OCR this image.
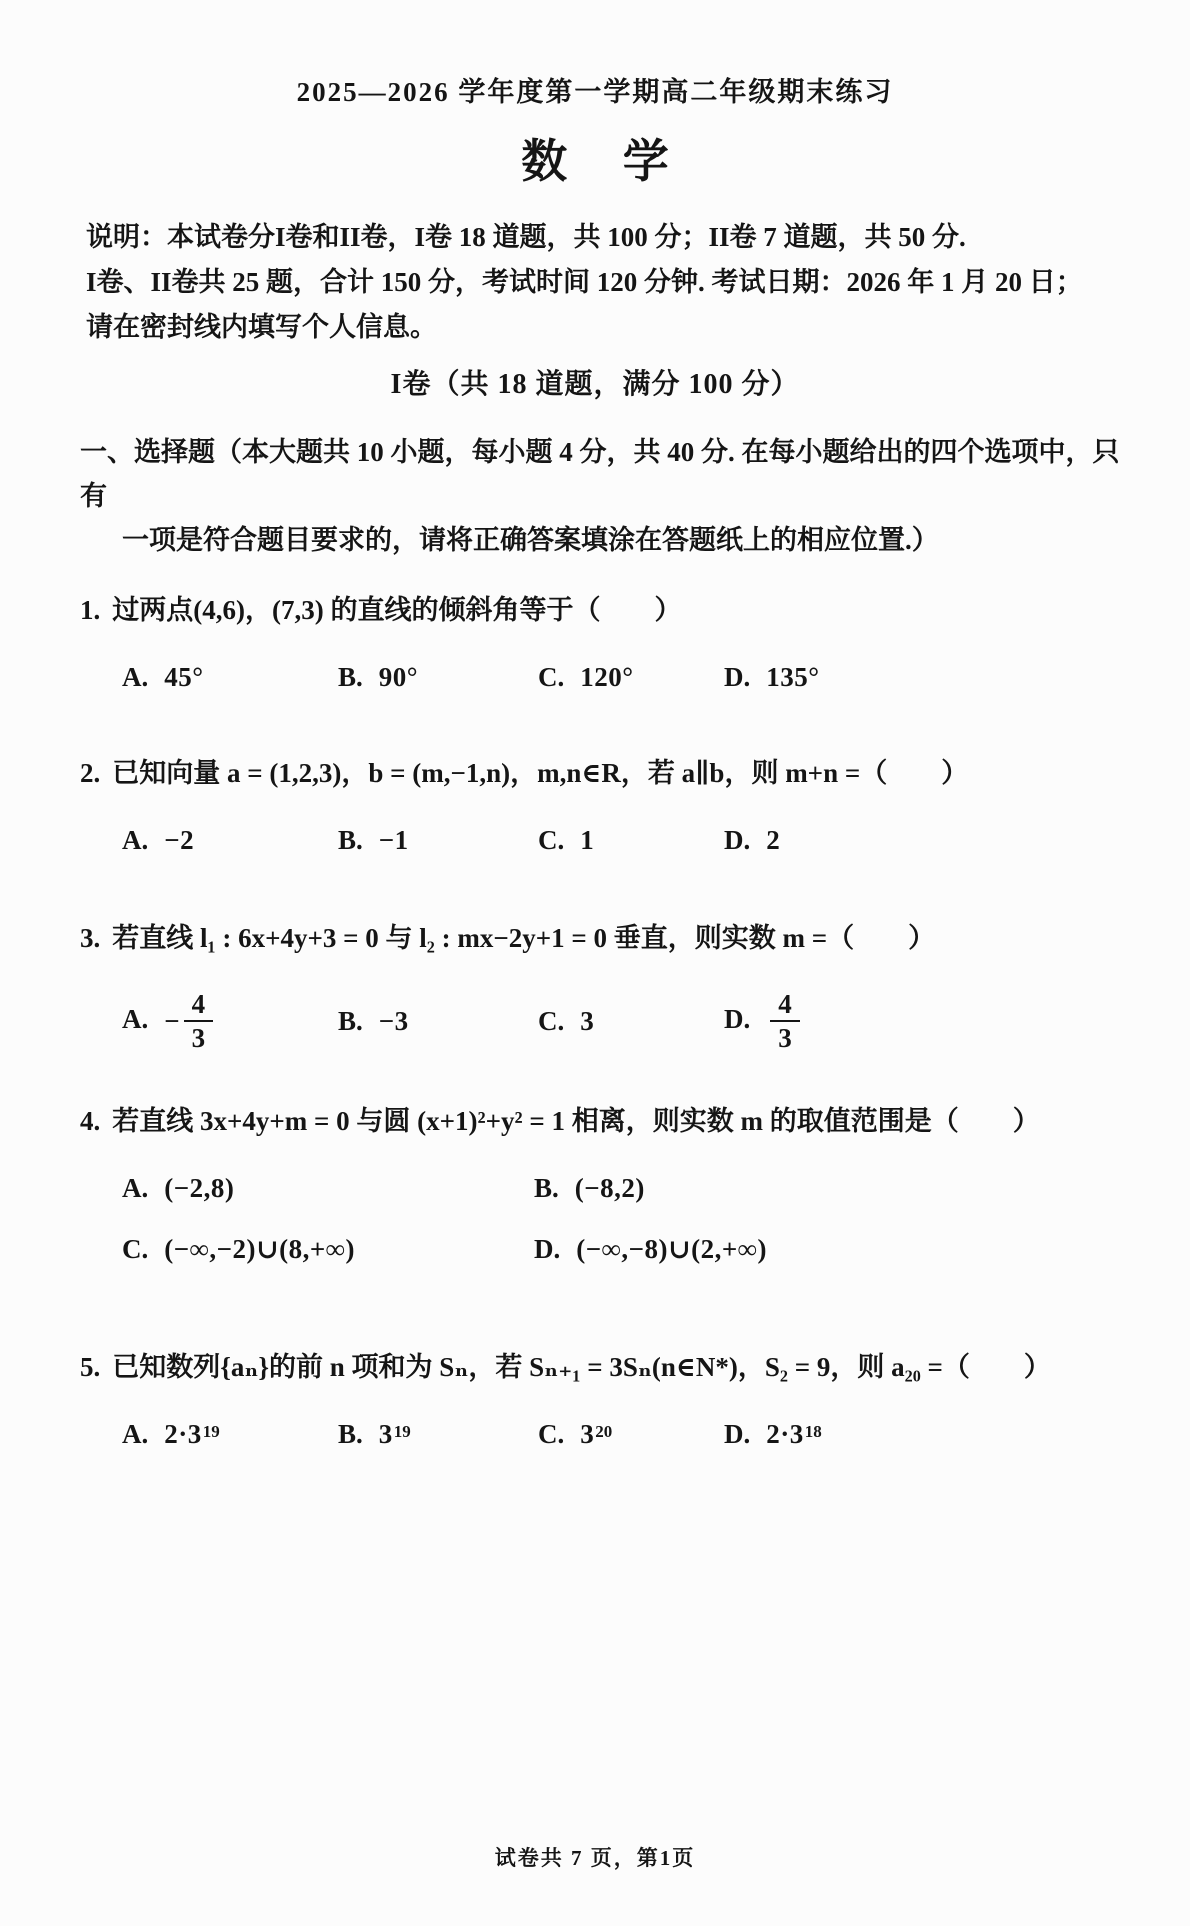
2025—2026 学年度第一学期高二年级期末练习
数 学

说明：本试卷分I卷和II卷，I卷 18 道题，共 100 分；II卷 7 道题，共 50 分.

I卷、II卷共 25 题，合计 150 分，考试时间 120 分钟. 考试日期：2026 年 1 月 20 日；

请在密封线内填写个人信息。

I卷（共 18 道题，满分 100 分）

一、选择题（本大题共 10 小题，每小题 4 分，共 40 分. 在每小题给出的四个选项中，只有

一项是符合题目要求的，请将正确答案填涂在答题纸上的相应位置.）

1. 过两点(4,6)，(7,3) 的直线的倾斜角等于（　　）

A. 45°	B. 90°	C. 120°	D. 135°

2. 已知向量 a = (1,2,3)，b = (m,−1,n)，m,n∈R，若 a∥b，则 m+n =（　　）

A. −2	B. −1	C. 1	D. 2

3. 若直线 l₁ : 6x+4y+3 = 0 与 l₂ : mx−2y+1 = 0 垂直，则实数 m =（　　）

A. − $\frac{4}{3}$	B. −3	C. 3	D. $\frac{4}{3}$

4. 若直线 3x+4y+m = 0 与圆 (x+1)²+y² = 1 相离，则实数 m 的取值范围是（　　）

A. (−2,8)	B. (−8,2)
C. (−∞,−2)∪(8,+∞)	D. (−∞,−8)∪(2,+∞)

5. 已知数列{aₙ}的前 n 项和为 Sₙ，若 Sₙ₊₁ = 3Sₙ(n∈N*)，S₂ = 9，则 a₂₀ =（　　）

A. $2\cdot 3^{19}$	B. $3^{19}$	C. $3^{20}$	D. $2\cdot 3^{18}$
试卷共 7 页，第1页
